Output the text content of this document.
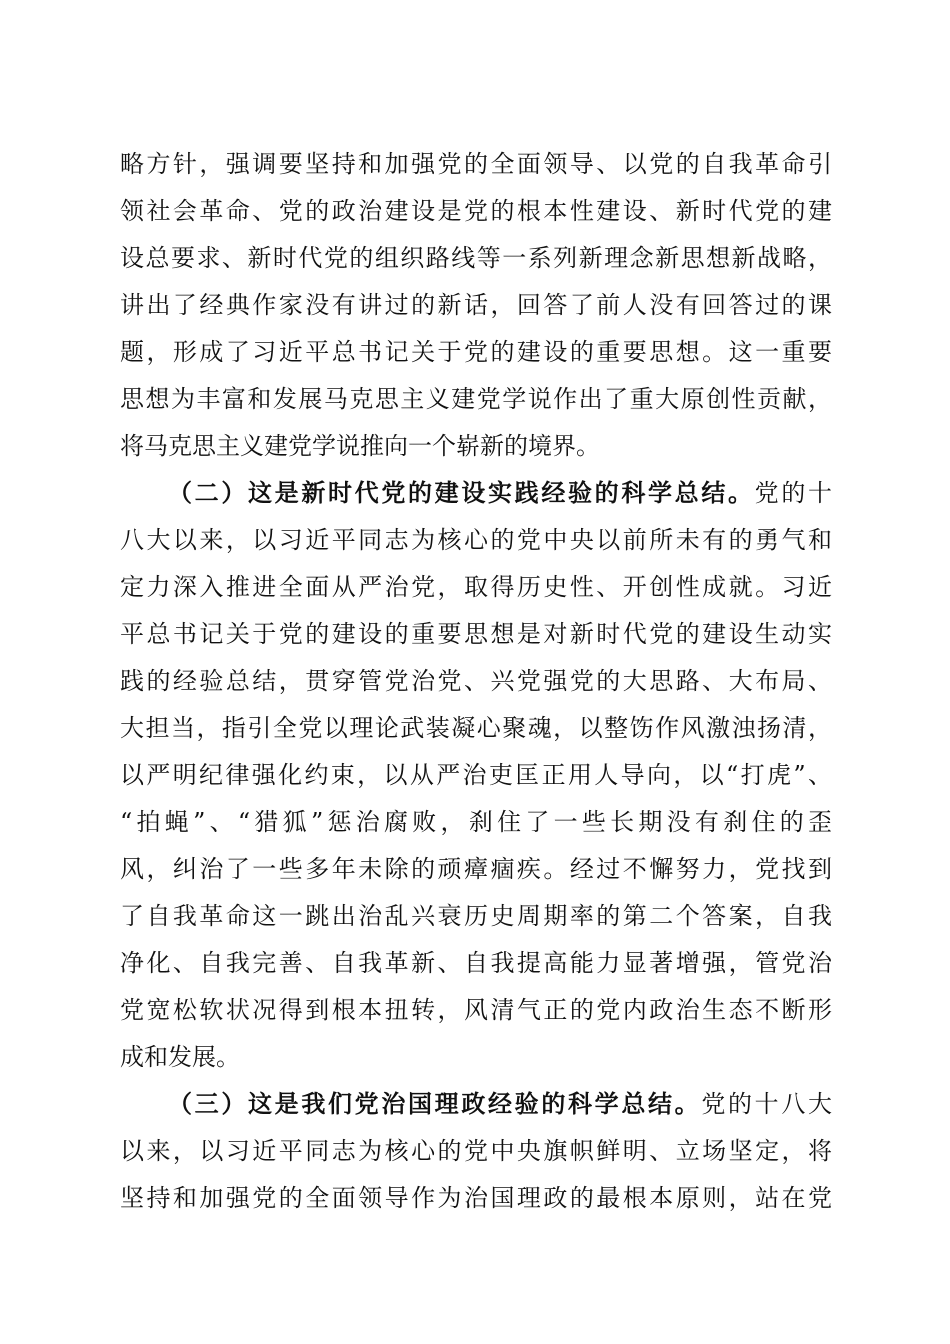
略方针，强调要坚持和加强党的全面领导、以党的自我革命引
领社会革命、党的政治建设是党的根本性建设、新时代党的建
设总要求、新时代党的组织路线等一系列新理念新思想新战略，
讲出了经典作家没有讲过的新话，回答了前人没有回答过的课
题，形成了习近平总书记关于党的建设的重要思想。这一重要
思想为丰富和发展马克思主义建党学说作出了重大原创性贡献，
将马克思主义建党学说推向一个崭新的境界。
（二）这是新时代党的建设实践经验的科学总结。党的十
八大以来，以习近平同志为核心的党中央以前所未有的勇气和
定力深入推进全面从严治党，取得历史性、开创性成就。习近
平总书记关于党的建设的重要思想是对新时代党的建设生动实
践的经验总结，贯穿管党治党、兴党强党的大思路、大布局、
大担当，指引全党以理论武装凝心聚魂，以整饬作风激浊扬清，
以严明纪律强化约束，以从严治吏匡正用人导向，以“打虎”、
“拍蝇”、“猎狐”惩治腐败，刹住了一些长期没有刹住的歪
风，纠治了一些多年未除的顽瘴痼疾。经过不懈努力，党找到
了自我革命这一跳出治乱兴衰历史周期率的第二个答案，自我
净化、自我完善、自我革新、自我提高能力显著增强，管党治
党宽松软状况得到根本扭转，风清气正的党内政治生态不断形
成和发展。
（三）这是我们党治国理政经验的科学总结。党的十八大
以来，以习近平同志为核心的党中央旗帜鲜明、立场坚定，将
坚持和加强党的全面领导作为治国理政的最根本原则，站在党
